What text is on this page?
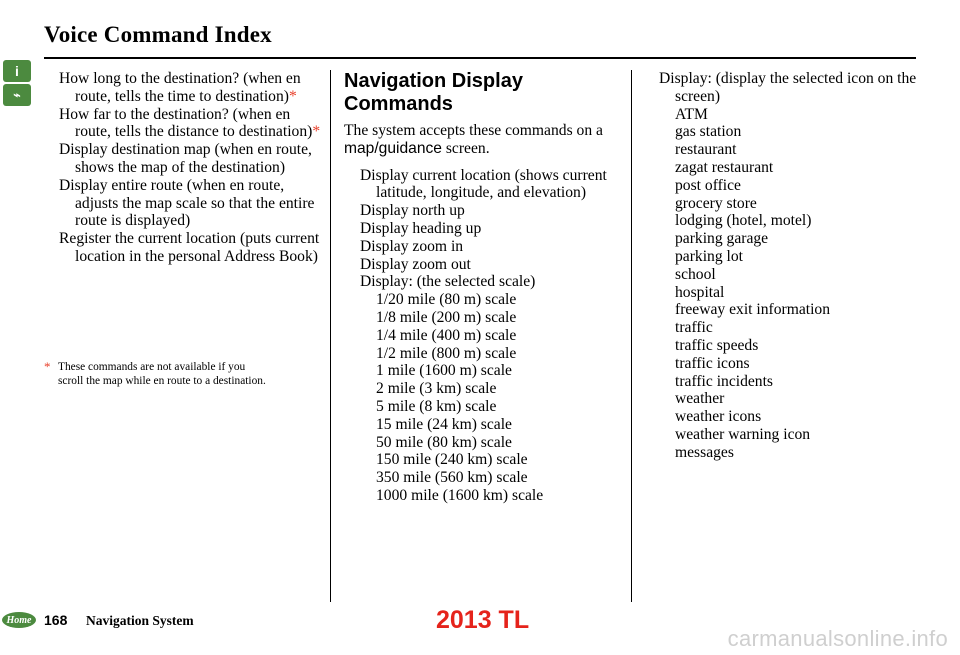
Voice Command Index
i
⌁
How long to the destination? (when en route, tells the time to destination)*
How far to the destination? (when en route, tells the distance to destination)*
Display destination map (when en route, shows the map of the destination)
Display entire route (when en route, adjusts the map scale so that the entire route is displayed)
Register the current location (puts current location in the personal Address Book)
* These commands are not available if you
scroll the map while en route to a destination.
Navigation Display Commands
The system accepts these commands on a map/guidance screen.
Display current location (shows current latitude, longitude, and elevation)
Display north up
Display heading up
Display zoom in
Display zoom out
Display: (the selected scale)
1/20 mile (80 m) scale
1/8 mile (200 m) scale
1/4 mile (400 m) scale
1/2 mile (800 m) scale
1 mile (1600 m) scale
2 mile (3 km) scale
5 mile (8 km) scale
15 mile (24 km) scale
50 mile (80 km) scale
150 mile (240 km) scale
350 mile (560 km) scale
1000 mile (1600 km) scale
Display: (display the selected icon on the screen)
ATM
gas station
restaurant
zagat restaurant
post office
grocery store
lodging (hotel, motel)
parking garage
parking lot
school
hospital
freeway exit information
traffic
traffic speeds
traffic icons
traffic incidents
weather
weather icons
weather warning icon
messages
Home 168 Navigation System	2013 TL
carmanualsonline.info
